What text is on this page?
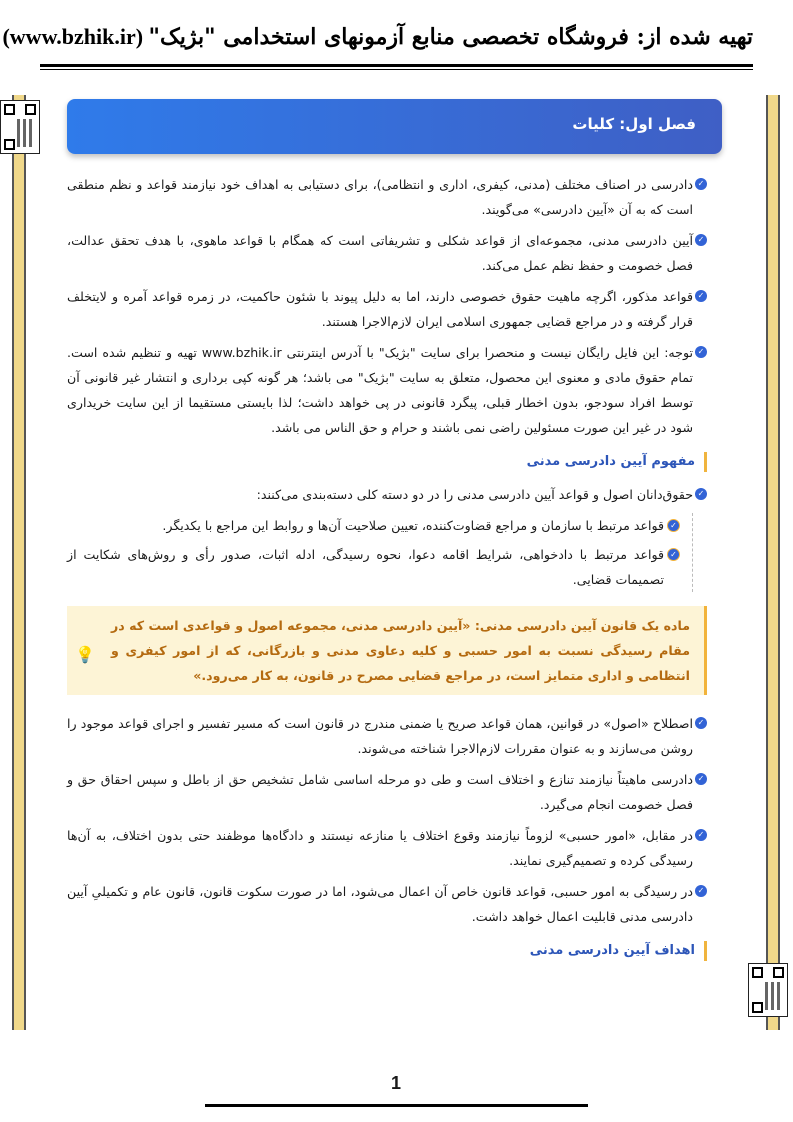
تهیه شده از: فروشگاه تخصصی منابع آزمونهای استخدامی "بژیک" (www.bzhik.ir)
فصل اول: کلیات
✓
دادرسی در اصناف مختلف (مدنی، کیفری، اداری و انتظامی)، برای دستیابی به اهداف خود نیازمند قواعد و نظم منطقی است که به آن «آیین دادرسی» می‌گویند.
✓
آیین دادرسی مدنی، مجموعه‌ای از قواعد شکلی و تشریفاتی است که همگام با قواعد ماهوی، با هدف تحقق عدالت، فصل خصومت و حفظ نظم عمل می‌کند.
✓
قواعد مذکور، اگرچه ماهیت حقوق خصوصی دارند، اما به دلیل پیوند با شئون حاکمیت، در زمره قواعد آمره و لایتخلف قرار گرفته و در مراجع قضایی جمهوری اسلامی ایران لازم‌الاجرا هستند.
✓
توجه: این فایل رایگان نیست و منحصرا برای سایت "بژیک" با آدرس اینترنتی www.bzhik.ir تهیه و تنظیم شده است. تمام حقوق مادی و معنوی این محصول، متعلق به سایت "بژیک" می باشد؛ هر گونه کپی برداری و انتشار غیر قانونی آن توسط افراد سودجو، بدون اخطار قبلی، پیگرد قانونی در پی خواهد داشت؛ لذا بایستی مستقیما از این سایت خریداری شود در غیر این صورت مسئولین راضی نمی باشند و حرام و حق الناس می باشد.
مفهوم آیین دادرسی مدنی
✓
حقوق‌دانان اصول و قواعد آیین دادرسی مدنی را در دو دسته کلی دسته‌بندی می‌کنند:
✓
قواعد مرتبط با سازمان و مراجع قضاوت‌کننده، تعیین صلاحیت آن‌ها و روابط این مراجع با یکدیگر.
✓
قواعد مرتبط با دادخواهی، شرایط اقامه دعوا، نحوه رسیدگی، ادله اثبات، صدور رأی و روش‌های شکایت از تصمیمات قضایی.
ماده یک قانون آیین دادرسی مدنی: «آیین دادرسی مدنی، مجموعه اصول و قواعدی است که در مقام رسیدگی نسبت به امور حسبی و کلیه دعاوی مدنی و بازرگانی، که از امور کیفری و انتظامی و اداری متمایز است، در مراجع قضایی مصرح در قانون، به کار می‌رود.»
💡
✓
اصطلاح «اصول» در قوانین، همان قواعد صریح یا ضمنی مندرج در قانون است که مسیر تفسیر و اجرای قواعد موجود را روشن می‌سازند و به عنوان مقررات لازم‌الاجرا شناخته می‌شوند.
✓
دادرسی ماهیتاً نیازمند تنازع و اختلاف است و طی دو مرحله اساسی شامل تشخیص حق از باطل و سپس احقاق حق و فصل خصومت انجام می‌گیرد.
✓
در مقابل، «امور حسبی» لزوماً نیازمند وقوع اختلاف یا منازعه نیستند و دادگاه‌ها موظفند حتی بدون اختلاف، به آن‌ها رسیدگی کرده و تصمیم‌گیری نمایند.
✓
در رسیدگی به امور حسبی، قواعد قانون خاص آن اعمال می‌شود، اما در صورت سکوت قانون، قانون عام و تکمیلیِ آیین دادرسی مدنی قابلیت اعمال خواهد داشت.
اهداف آیین دادرسی مدنی
1
